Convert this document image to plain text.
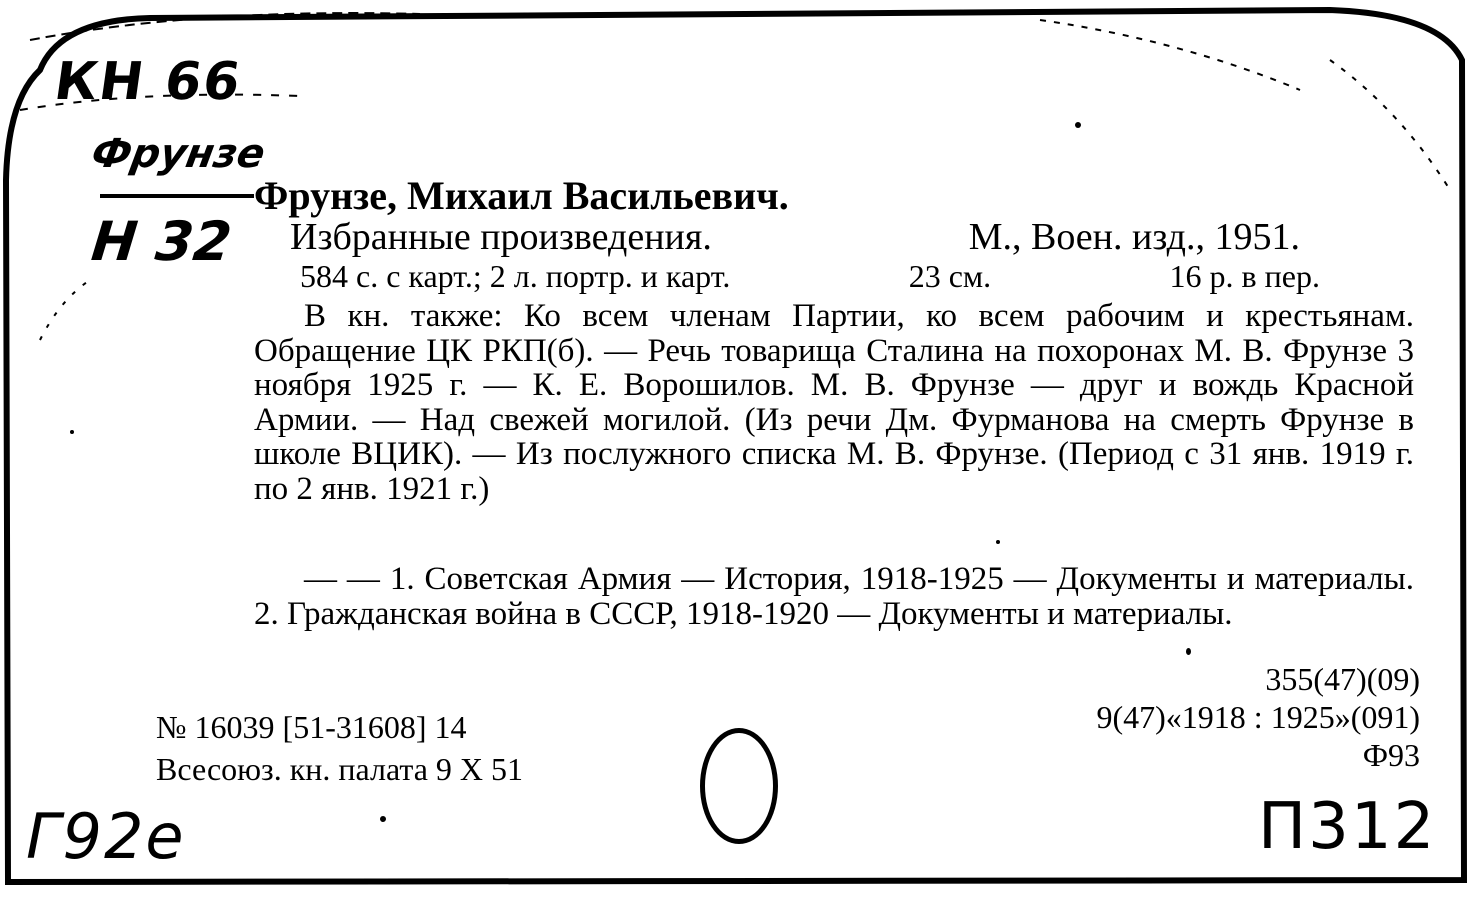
КН 66
Фрунзе
Н 32
Фрунзе, Михаил Васильевич.
Избранные произведения.	М., Воен. изд., 1951.
584 с. с карт.; 2 л. портр. и карт.	23 см.	16 р. в пер.
В кн. также: Ко всем членам Партии, ко всем рабочим и крестьянам. Обращение ЦК РКП(б). — Речь товарища Сталина на похоронах М. В. Фрунзе 3 ноября 1925 г. — К. Е. Ворошилов. М. В. Фрунзе — друг и вождь Красной Армии. — Над свежей могилой. (Из речи Дм. Фурманова на смерть Фрунзе в школе ВЦИК). — Из послужного списка М. В. Фрунзе. (Период с 31 янв. 1919 г. по 2 янв. 1921 г.)
— — 1. Советская Армия — История, 1918-1925 — Документы и материалы. 2. Гражданская война в СССР, 1918-1920 — Документы и материалы.
355(47)(09)
9(47)«1918 : 1925»(091)
Ф93
№ 16039 [51-31608] 14
Всесоюз. кн. палата 9 X 51
Г92е	П312
